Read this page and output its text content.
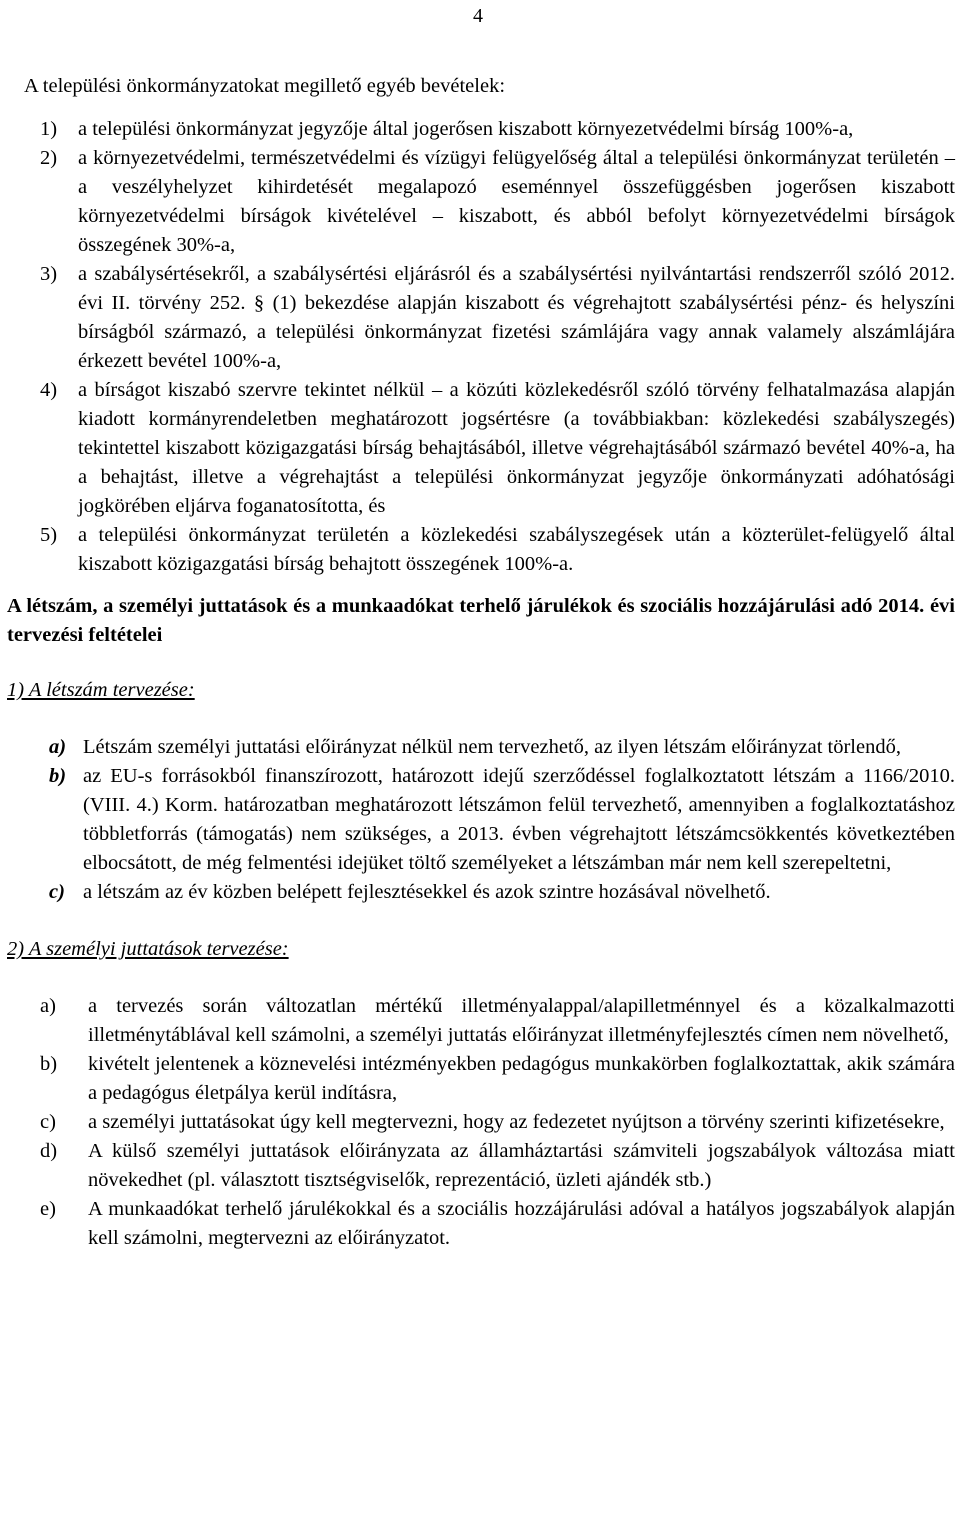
4

A települési önkormányzatokat megillető egyéb bevételek:

1)	a települési önkormányzat jegyzője által jogerősen kiszabott környezetvédelmi bírság 100%-a,
2)	a környezetvédelmi, természetvédelmi és vízügyi felügyelőség által a települési önkormányzat területén – a veszélyhelyzet kihirdetését megalapozó eseménnyel összefüggésben jogerősen kiszabott környezetvédelmi bírságok kivételével – kiszabott, és abból befolyt környezetvédelmi bírságok összegének 30%-a,
3)	a szabálysértésekről, a szabálysértési eljárásról és a szabálysértési nyilvántartási rendszerről szóló 2012. évi II. törvény 252. § (1) bekezdése alapján kiszabott és végrehajtott szabálysértési pénz- és helyszíni bírságból származó, a települési önkormányzat fizetési számlájára vagy annak valamely alszámlájára érkezett bevétel 100%-a,
4)	a bírságot kiszabó szervre tekintet nélkül – a közúti közlekedésről szóló törvény felhatalmazása alapján kiadott kormányrendeletben meghatározott jogsértésre (a továbbiakban: közlekedési szabályszegés) tekintettel kiszabott közigazgatási bírság behajtásából, illetve végrehajtásából származó bevétel 40%-a, ha a behajtást, illetve a végrehajtást a települési önkormányzat jegyzője önkormányzati adóhatósági jogkörében eljárva foganatosította, és
5)	a települési önkormányzat területén a közlekedési szabályszegések után a közterület-felügyelő által kiszabott közigazgatási bírság behajtott összegének 100%-a.

A létszám, a személyi juttatások és a munkaadókat terhelő járulékok és szociális hozzájárulási adó 2014. évi tervezési feltételei

1) A létszám tervezése:

a) Létszám személyi juttatási előirányzat nélkül nem tervezhető, az ilyen létszám előirányzat törlendő,
b) az EU-s forrásokból finanszírozott, határozott idejű szerződéssel foglalkoztatott létszám a 1166/2010. (VIII. 4.) Korm. határozatban meghatározott létszámon felül tervezhető, amennyiben a foglalkoztatáshoz többletforrás (támogatás) nem szükséges, a 2013. évben végrehajtott létszámcsökkentés következtében elbocsátott, de még felmentési idejüket töltő személyeket a létszámban már nem kell szerepeltetni,
c) a létszám az év közben belépett fejlesztésekkel és azok szintre hozásával növelhető.

2) A személyi juttatások tervezése:

a)	a tervezés során változatlan mértékű illetményalappal/alapilletménnyel és a közalkalmazotti illetménytáblával kell számolni, a személyi juttatás előirányzat illetményfejlesztés címen nem növelhető,
b)	kivételt jelentenek a köznevelési intézményekben pedagógus munkakörben foglalkoztattak, akik számára a pedagógus életpálya kerül indításra,
c)	a személyi juttatásokat úgy kell megtervezni, hogy az fedezetet nyújtson a törvény szerinti kifizetésekre,
d)	A külső személyi juttatások előirányzata az államháztartási számviteli jogszabályok változása miatt növekedhet (pl. választott tisztségviselők, reprezentáció, üzleti ajándék stb.)
e)	A munkaadókat terhelő járulékokkal és a szociális hozzájárulási adóval a hatályos jogszabályok alapján kell számolni, megtervezni az előirányzatot.
